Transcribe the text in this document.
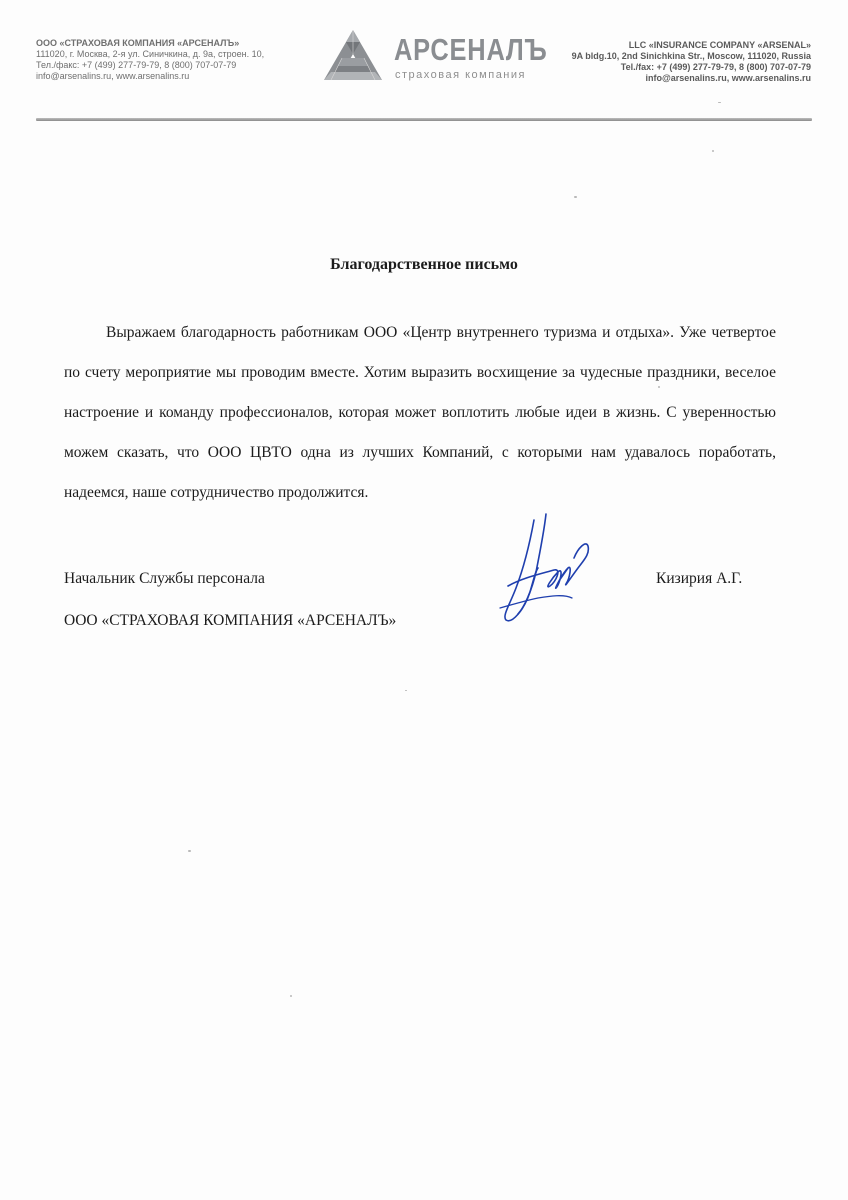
ООО «СТРАХОВАЯ КОМПАНИЯ «АРСЕНАЛЪ»
111020, г. Москва, 2-я ул. Синичкина, д. 9а, строен. 10,
Тел./факс: +7 (499) 277-79-79, 8 (800) 707-07-79
info@arsenalins.ru, www.arsenalins.ru
АРСЕНАЛЪ
страховая компания
LLC «INSURANCE COMPANY «ARSENAL»
9A bldg.10, 2nd Sinichkina Str., Moscow, 111020, Russia
Tel./fax: +7 (499) 277-79-79, 8 (800) 707-07-79
info@arsenalins.ru, www.arsenalins.ru
Благодарственное письмо

Выражаем благодарность работникам ООО «Центр внутреннего туризма и отдыха». Уже четвертое по счету мероприятие мы проводим вместе. Хотим выразить восхищение за чудесные праздники, веселое настроение и команду профессионалов, которая может воплотить любые идеи в жизнь. С уверенностью можем сказать, что ООО ЦВТО одна из лучших Компаний, с которыми нам удавалось поработать, надеемся, наше сотрудничество продолжится.

Начальник Службы персонала
ООО «СТРАХОВАЯ КОМПАНИЯ «АРСЕНАЛЪ»
Кизирия А.Г.
